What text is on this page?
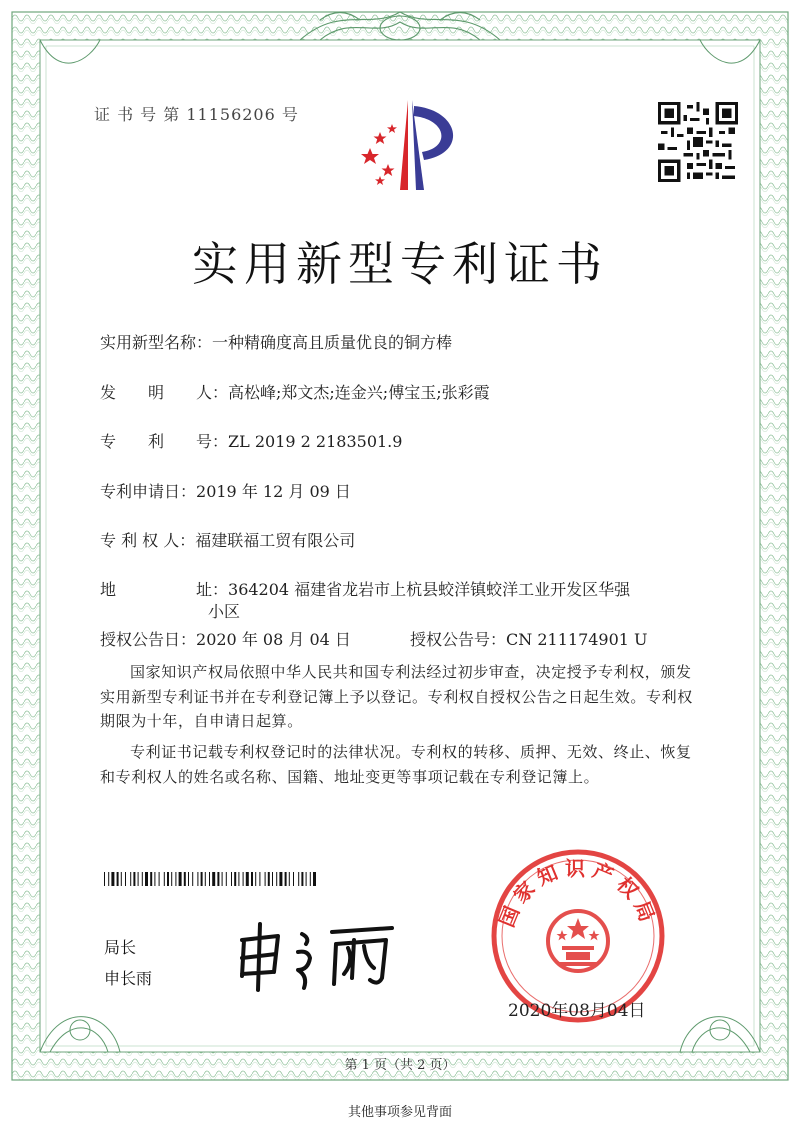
证 书 号 第 11156206 号
实用新型专利证书
实用新型名称：一种精确度高且质量优良的铜方棒
发　　明　　人：高松峰;郑文杰;连金兴;傅宝玉;张彩霞
专　　利　　号：ZL 2019 2 2183501.9
专利申请日：2019 年 12 月 09 日
专 利 权 人：福建联福工贸有限公司
地　　　　　址：364204 福建省龙岩市上杭县蛟洋镇蛟洋工业开发区华强
小区
授权公告日：2020 年 08 月 04 日	授权公告号：CN 211174901 U
国家知识产权局依照中华人民共和国专利法经过初步审查，决定授予专利权，颁发实用新型专利证书并在专利登记簿上予以登记。专利权自授权公告之日起生效。专利权期限为十年，自申请日起算。
专利证书记载专利权登记时的法律状况。专利权的转移、质押、无效、终止、恢复和专利权人的姓名或名称、国籍、地址变更等事项记载在专利登记簿上。
局长
申长雨
国家知识产权局
2020年08月04日
第 1 页（共 2 页）
其他事项参见背面
